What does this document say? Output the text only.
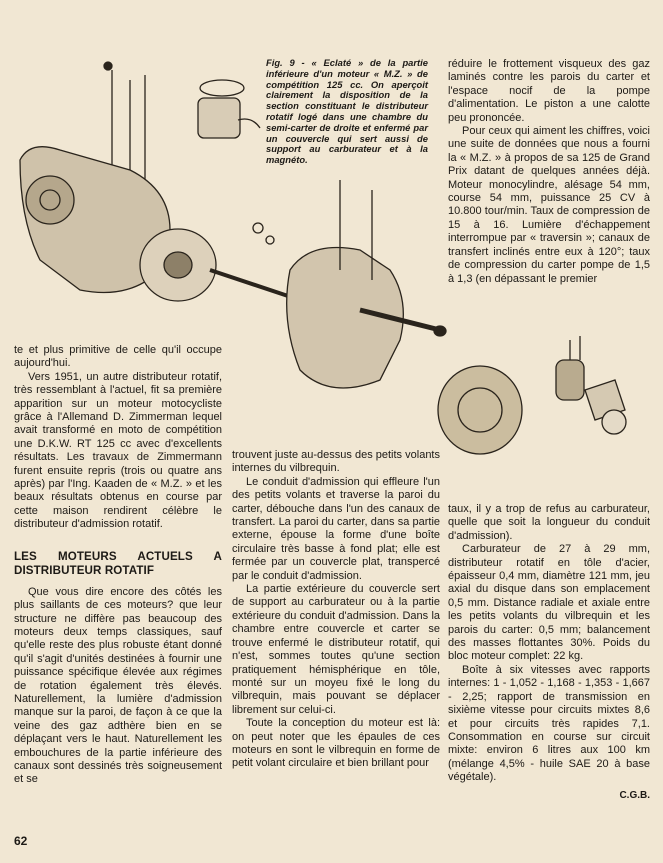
Fig. 9 - « Eclaté » de la partie inférieure d'un moteur « M.Z. » de compétition 125 cc. On aperçoit clairement la disposition de la section constituant le distributeur rotatif logé dans une chambre du semi-carter de droite et enfermé par un couvercle qui sert aussi de support au carburateur et à la magnéto.

te et plus primitive de celle qu'il occupe aujourd'hui.

Vers 1951, un autre distributeur rotatif, très ressemblant à l'actuel, fit sa première apparition sur un moteur motocycliste grâce à l'Allemand D. Zimmerman lequel avait transformé en moto de compétition une D.K.W. RT 125 cc avec d'excellents résultats. Les travaux de Zimmermann furent ensuite repris (trois ou quatre ans après) par l'Ing. Kaaden de « M.Z. » et les beaux résultats obtenus en course par cette maison rendirent célèbre le distributeur d'admission rotatif.

LES MOTEURS ACTUELS A DISTRIBUTEUR ROTATIF

Que vous dire encore des côtés les plus saillants de ces moteurs? que leur structure ne diffère pas beaucoup des moteurs deux temps classiques, sauf qu'elle reste des plus robuste étant donné qu'il s'agit d'unités destinées à fournir une puissance spécifique élevée aux régimes de rotation également très élevés. Naturellement, la lumière d'admission manque sur la paroi, de façon à ce que la veine des gaz adthère bien en se déplaçant vers le haut. Naturellement les embouchures de la partie inférieure des canaux sont dessinés très soigneusement et se

trouvent juste au-dessus des petits volants internes du vilbrequin.

Le conduit d'admission qui effleure l'un des petits volants et traverse la paroi du carter, débouche dans l'un des canaux de transfert. La paroi du carter, dans sa partie externe, épouse la forme d'une boîte circulaire très basse à fond plat; elle est fermée par un couvercle plat, transpercé par le conduit d'admission.

La partie extérieure du couvercle sert de support au carburateur ou à la partie extérieure du conduit d'admission. Dans la chambre entre couvercle et carter se trouve enfermé le distributeur rotatif, qui n'est, sommes toutes qu'une section pratiquement hémisphérique en tôle, monté sur un moyeu fixé le long du vilbrequin, mais pouvant se déplacer librement sur celui-ci.

Toute la conception du moteur est là: on peut noter que les épaules de ces moteurs en sont le vilbrequin en forme de petit volant circulaire et bien brillant pour

réduire le frottement visqueux des gaz laminés contre les parois du carter et l'espace nocif de la pompe d'alimentation. Le piston a une calotte peu prononcée.

Pour ceux qui aiment les chiffres, voici une suite de données que nous a fourni la « M.Z. » à propos de sa 125 de Grand Prix datant de quelques années déjà. Moteur monocylindre, alésage 54 mm, course 54 mm, puissance 25 CV à 10.800 tour/min. Taux de compression de 15 à 16. Lumière d'échappement interrompue par « traversin »; canaux de transfert inclinés entre eux à 120°; taux de compression du carter pompe de 1,5 à 1,3 (en dépassant le premier

taux, il y a trop de refus au carburateur, quelle que soit la longueur du conduit d'admission).

Carburateur de 27 à 29 mm, distributeur rotatif en tôle d'acier, épaisseur 0,4 mm, diamètre 121 mm, jeu axial du disque dans son emplacement 0,5 mm. Distance radiale et axiale entre les petits volants du vilbrequin et les parois du carter: 0,5 mm; balancement des masses flottantes 30%. Poids du bloc moteur complet: 22 kg.

Boîte à six vitesses avec rapports internes: 1 - 1,052 - 1,168 - 1,353 - 1,667 - 2,25; rapport de transmission en sixième vitesse pour circuits mixtes 8,6 et pour circuits très rapides 7,1. Consommation en course sur circuit mixte: environ 6 litres aux 100 km (mélange 4,5% - huile SAE 20 à base végétale).

C.G.B.
62
